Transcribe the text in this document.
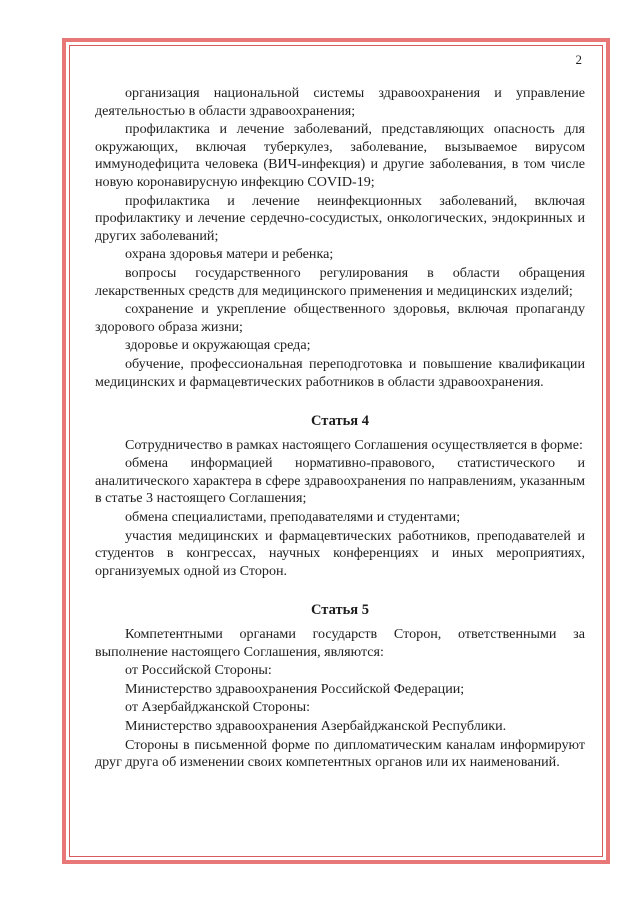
2

организация национальной системы здравоохранения и управление деятельностью в области здравоохранения;

профилактика и лечение заболеваний, представляющих опасность для окружающих, включая туберкулез, заболевание, вызываемое вирусом иммунодефицита человека (ВИЧ-инфекция) и другие заболевания, в том числе новую коронавирусную инфекцию COVID-19;

профилактика и лечение неинфекционных заболеваний, включая профилактику и лечение сердечно-сосудистых, онкологических, эндокринных и других заболеваний;

охрана здоровья матери и ребенка;

вопросы государственного регулирования в области обращения лекарственных средств для медицинского применения и медицинских изделий;

сохранение и укрепление общественного здоровья, включая пропаганду здорового образа жизни;

здоровье и окружающая среда;

обучение, профессиональная переподготовка и повышение квалификации медицинских и фармацевтических работников в области здравоохранения.

Статья 4

Сотрудничество в рамках настоящего Соглашения осуществляется в форме:

обмена информацией нормативно-правового, статистического и аналитического характера в сфере здравоохранения по направлениям, указанным в статье 3 настоящего Соглашения;

обмена специалистами, преподавателями и студентами;

участия медицинских и фармацевтических работников, преподавателей и студентов в конгрессах, научных конференциях и иных мероприятиях, организуемых одной из Сторон.

Статья 5

Компетентными органами государств Сторон, ответственными за выполнение настоящего Соглашения, являются:

от Российской Стороны:

Министерство здравоохранения Российской Федерации;

от Азербайджанской Стороны:

Министерство здравоохранения Азербайджанской Республики.

Стороны в письменной форме по дипломатическим каналам информируют друг друга об изменении своих компетентных органов или их наименований.
